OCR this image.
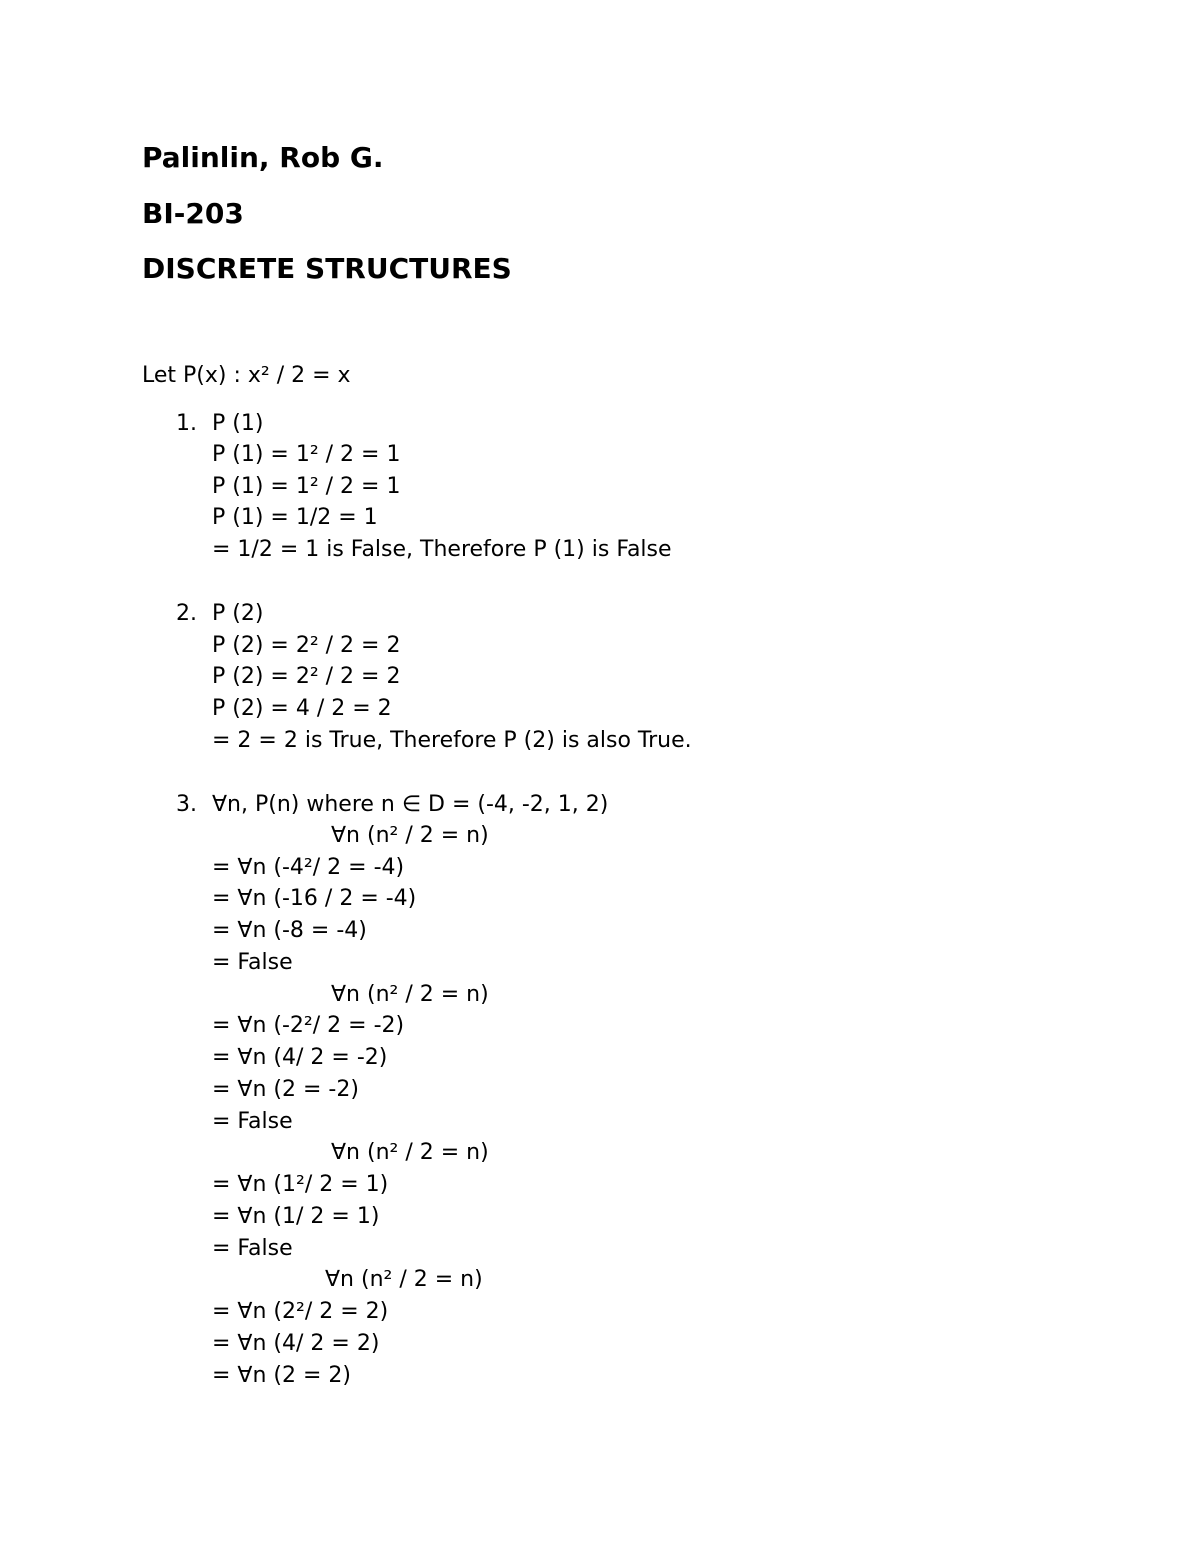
Palinlin, Rob G.

BI-203

DISCRETE STRUCTURES

Let P(x) : x² / 2 = x

1. P (1)

P (1) = 1² / 2 = 1

P (1) = 1² / 2 = 1

P (1) = 1/2 = 1

= 1/2 = 1 is False, Therefore P (1) is False

2. P (2)

P (2) = 2² / 2 = 2

P (2) = 2² / 2 = 2

P (2) = 4 / 2 = 2

= 2 = 2 is True, Therefore P (2) is also True.

3. ∀n, P(n) where n ∈ D = (-4, -2, 1, 2)

∀n (n² / 2 = n)

= ∀n (-4²/ 2 = -4)

= ∀n (-16 / 2 = -4)

= ∀n (-8 = -4)

= False

∀n (n² / 2 = n)

= ∀n (-2²/ 2 = -2)

= ∀n (4/ 2 = -2)

= ∀n (2 = -2)

= False

∀n (n² / 2 = n)

= ∀n (1²/ 2 = 1)

= ∀n (1/ 2 = 1)

= False

∀n (n² / 2 = n)

= ∀n (2²/ 2 = 2)

= ∀n (4/ 2 = 2)

= ∀n (2 = 2)
